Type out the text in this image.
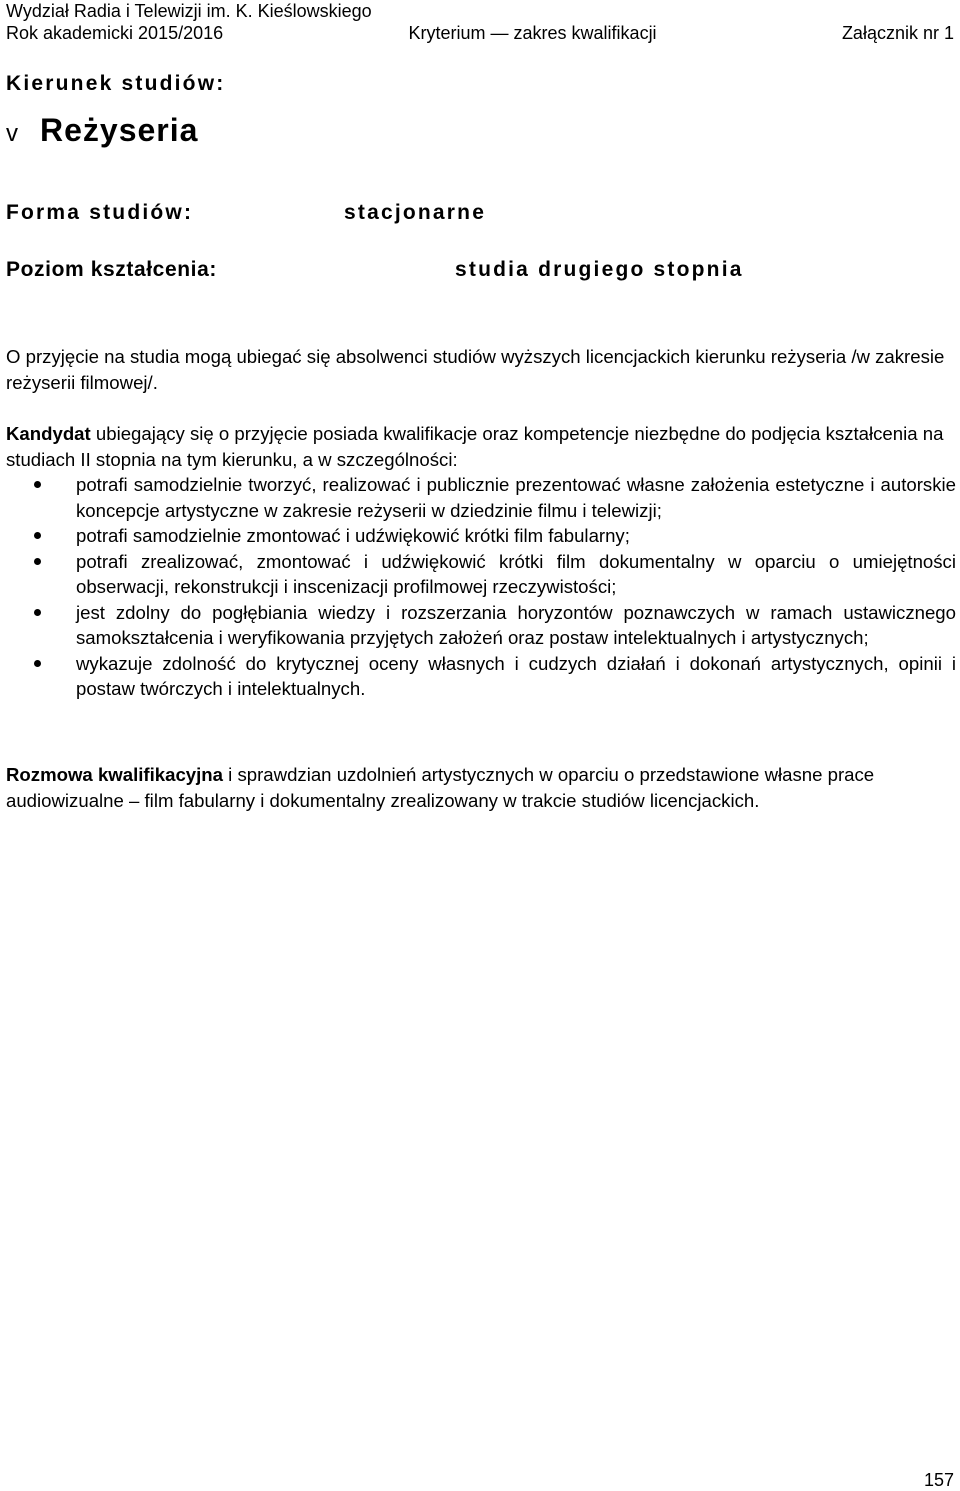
Wydział Radia i Telewizji im. K. Kieślowskiego
Rok akademicki 2015/2016	Kryterium — zakres kwalifikacji	Załącznik nr 1
Kierunek studiów:
v Reżyseria
Forma studiów:	stacjonarne
Poziom kształcenia:	studia drugiego stopnia
O przyjęcie na studia mogą ubiegać się absolwenci studiów wyższych licencjackich kierunku reżyseria /w zakresie reżyserii filmowej/.
Kandydat ubiegający się o przyjęcie posiada kwalifikacje oraz kompetencje niezbędne do podjęcia kształcenia na studiach II stopnia na tym kierunku, a w szczególności:
potrafi samodzielnie tworzyć, realizować i publicznie prezentować własne założenia estetyczne i autorskie koncepcje artystyczne w zakresie reżyserii w dziedzinie filmu i telewizji;
potrafi samodzielnie zmontować i udźwiękowić krótki film fabularny;
potrafi zrealizować, zmontować i udźwiękowić krótki film dokumentalny w oparciu o umiejętności obserwacji, rekonstrukcji i inscenizacji profilmowej rzeczywistości;
jest zdolny do pogłębiania wiedzy i rozszerzania horyzontów poznawczych w ramach ustawicznego samokształcenia i weryfikowania przyjętych założeń oraz postaw intelektualnych i artystycznych;
wykazuje zdolność do krytycznej oceny własnych i cudzych działań i dokonań artystycznych, opinii i postaw twórczych i intelektualnych.
Rozmowa kwalifikacyjna i sprawdzian uzdolnień artystycznych w oparciu o przedstawione własne prace audiowizualne – film fabularny i dokumentalny zrealizowany w trakcie studiów licencjackich.
157
